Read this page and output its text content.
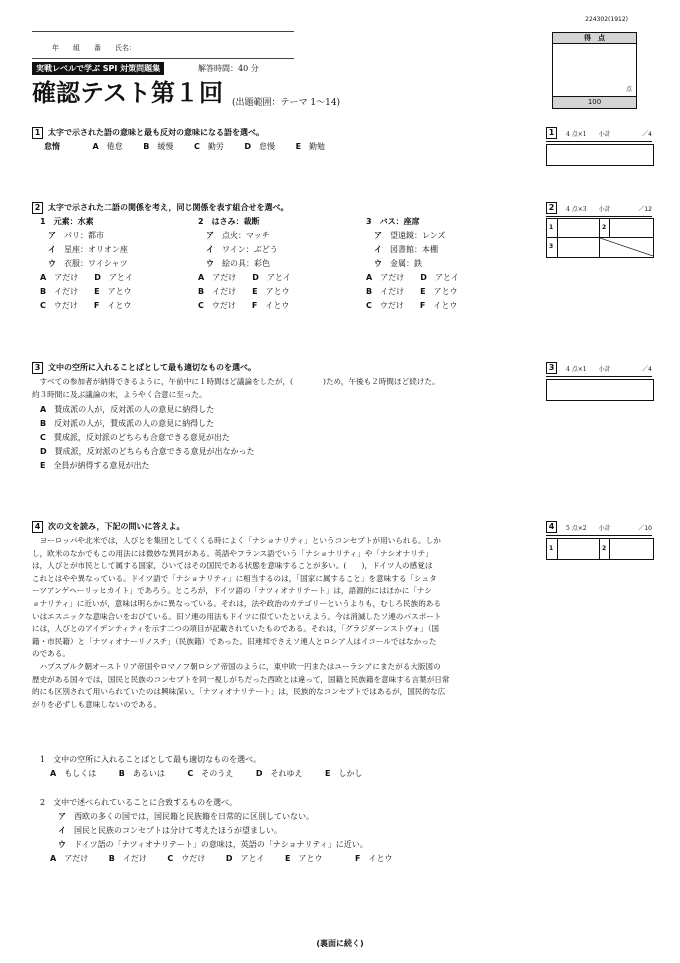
224302(1912)
年　　組　　番　　氏名：
実戦レベルで学ぶ SPI 対策問題集	解答時間：40 分
確認テスト第１回 (出題範囲：テーマ 1～14)
得　点
点
100
1 太字で示された語の意味と最も反対の意味になる語を選べ。
怠惰	A　 倦怠	B　 緩慢	C　 勤労	D　 怠慢	E　 勤勉
1	4 点×1 小計	／4
2 太字で示された二語の関係を考え，同じ関係を表す組合せを選べ。
1　元素：水素
ア　 パリ：都市
イ　 星座：オリオン座
ウ　 衣服：ワイシャツ
A　 アだけ　　 D　 アとイ
B　 イだけ　　 E　 アとウ
C　 ウだけ　　 F　 イとウ
2　はさみ：裁断
ア　 点火：マッチ
イ　 ワイン：ぶどう
ウ　 絵の具：彩色
A　 アだけ　　 D　 アとイ
B　 イだけ　　 E　 アとウ
C　 ウだけ　　 F　 イとウ
3　バス：座席
ア　 望遠鏡：レンズ
イ　 図書館：本棚
ウ　 金属：鉄
A　 アだけ　　 D　 アとイ
B　 イだけ　　 E　 アとウ
C　 ウだけ　　 F　 イとウ
2	4 点×3 小計	／12
1	2
3
3 文中の空所に入れることばとして最も適切なものを選べ。
　すべての参加者が納得できるように，午前中に１時間ほど議論をしたが，(	)ため，午後も２時間ほど続けた。
約３時間に及ぶ議論の末，ようやく合意に至った。
A　 賛成派の人が，反対派の人の意見に納得した
B　 反対派の人が，賛成派の人の意見に納得した
C　 賛成派，反対派のどちらも合意できる意見が出た
D　 賛成派，反対派のどちらも合意できる意見が出なかった
E　 全員が納得する意見が出た
3	4 点×1 小計	／4
4 次の文を読み，下記の問いに答えよ。

　ヨーロッパや北米では，人びとを集団としてくくる時によく「ナショナリティ」というコンセプトが用いられる。しか

し，欧米のなかでもこの用法には微妙な異同がある。英語やフランス語でいう「ナショナリティ」や「ナシオナリテ」

は，人びとが市民として属する国家，ひいてはその国民である状態を意味することが多い。(　　)，ドイツ人の感覚は

これとはやや異なっている。ドイツ語で「ナショナリティ」に相当するのは，「国家に属すること」を意味する「シュタ

ーツアンゲヘーリッヒカイト」であろう。ところが，ドイツ語の「ナツィオナリテート」は，語源的にはほかに「ナシ

ョナリティ」に近いが，意味は明らかに異なっている。それは，法や政治のカテゴリーというよりも，むしろ民族的ある

いはエスニックな意味合いをおびている。旧ソ連の用法もドイツに似ていたといえよう。今は消滅したソ連のパスポート

には，人びとのアイデンティティを示す二つの項目が記載されていたものである。それは，「グラジダーンストヴォ」（国

籍・市民籍）と「ナツィオナーリノスチ」（民族籍）であった。旧連邦でさえソ連人とロシア人はイコールではなかった

のである。

　ハプスブルク朝オーストリア帝国やロマノフ朝ロシア帝国のように，東中欧一円またはユーラシアにまたがる大版図の

歴史がある国々では，国民と民族のコンセプトを同一視しがちだった西欧とは違って，国籍と民族籍を意味する言葉が日常

的にも区別されて用いられていたのは興味深い。「ナツィオナリテート」は，民族的なコンセプトではあるが，国民的な広

がりを必ずしも意味しないのである。

1　文中の空所に入れることばとして最も適切なものを選べ。
A　 もしくは	B　 あるいは	C　 そのうえ	D　 それゆえ	E　 しかし
2　文中で述べられていることに合致するものを選べ。
ア　 西欧の多くの国では，国民籍と民族籍を日常的に区別していない。
イ　 国民と民族のコンセプトは分けて考えたほうが望ましい。
ウ　 ドイツ語の「ナツィオナリテート」の意味は，英語の「ナショナリティ」に近い。
A　 アだけ	B　 イだけ	C　 ウだけ	D　 アとイ	E　 アとウ	F　 イとウ
4	5 点×2 小計	／10
1	2
(裏面に続く)
